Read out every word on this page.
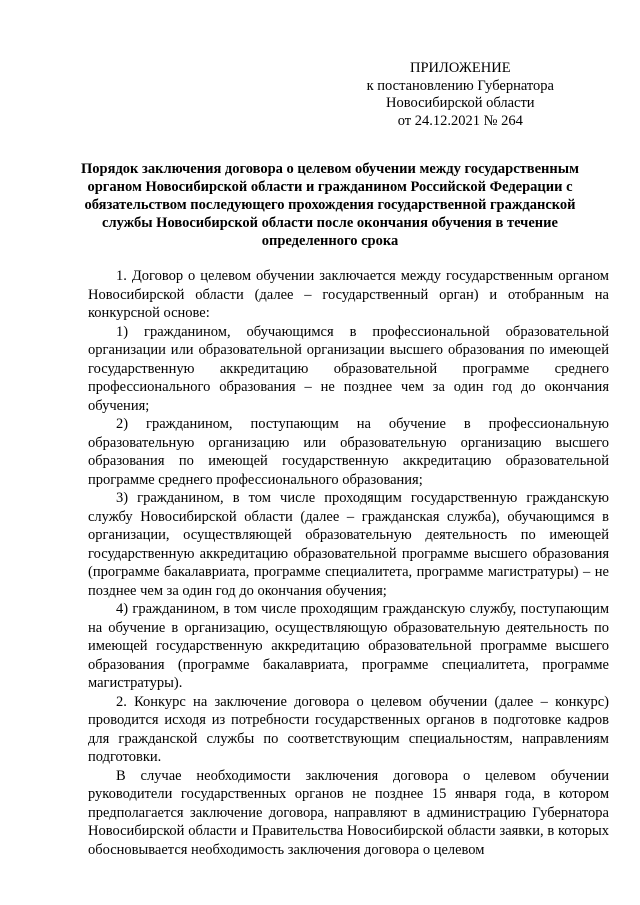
ПРИЛОЖЕНИЕ
к постановлению Губернатора
Новосибирской области
от 24.12.2021 № 264
Порядок заключения договора о целевом обучении между государственным органом Новосибирской области и гражданином Российской Федерации с обязательством последующего прохождения государственной гражданской службы Новосибирской области после окончания обучения в течение определенного срока

1. Договор о целевом обучении заключается между государственным органом Новосибирской области (далее – государственный орган) и отобранным на конкурсной основе:

1) гражданином, обучающимся в профессиональной образовательной организации или образовательной организации высшего образования по имеющей государственную аккредитацию образовательной программе среднего профессионального образования – не позднее чем за один год до окончания обучения;

2) гражданином, поступающим на обучение в профессиональную образовательную организацию или образовательную организацию высшего образования по имеющей государственную аккредитацию образовательной программе среднего профессионального образования;

3) гражданином, в том числе проходящим государственную гражданскую службу Новосибирской области (далее – гражданская служба), обучающимся в организации, осуществляющей образовательную деятельность по имеющей государственную аккредитацию образовательной программе высшего образования (программе бакалавриата, программе специалитета, программе магистратуры) – не позднее чем за один год до окончания обучения;

4) гражданином, в том числе проходящим гражданскую службу, поступающим на обучение в организацию, осуществляющую образовательную деятельность по имеющей государственную аккредитацию образовательной программе высшего образования (программе бакалавриата, программе специалитета, программе магистратуры).

2. Конкурс на заключение договора о целевом обучении (далее – конкурс) проводится исходя из потребности государственных органов в подготовке кадров для гражданской службы по соответствующим специальностям, направлениям подготовки.

В случае необходимости заключения договора о целевом обучении руководители государственных органов не позднее 15 января года, в котором предполагается заключение договора, направляют в администрацию Губернатора Новосибирской области и Правительства Новосибирской области заявки, в которых обосновывается необходимость заключения договора о целевом
